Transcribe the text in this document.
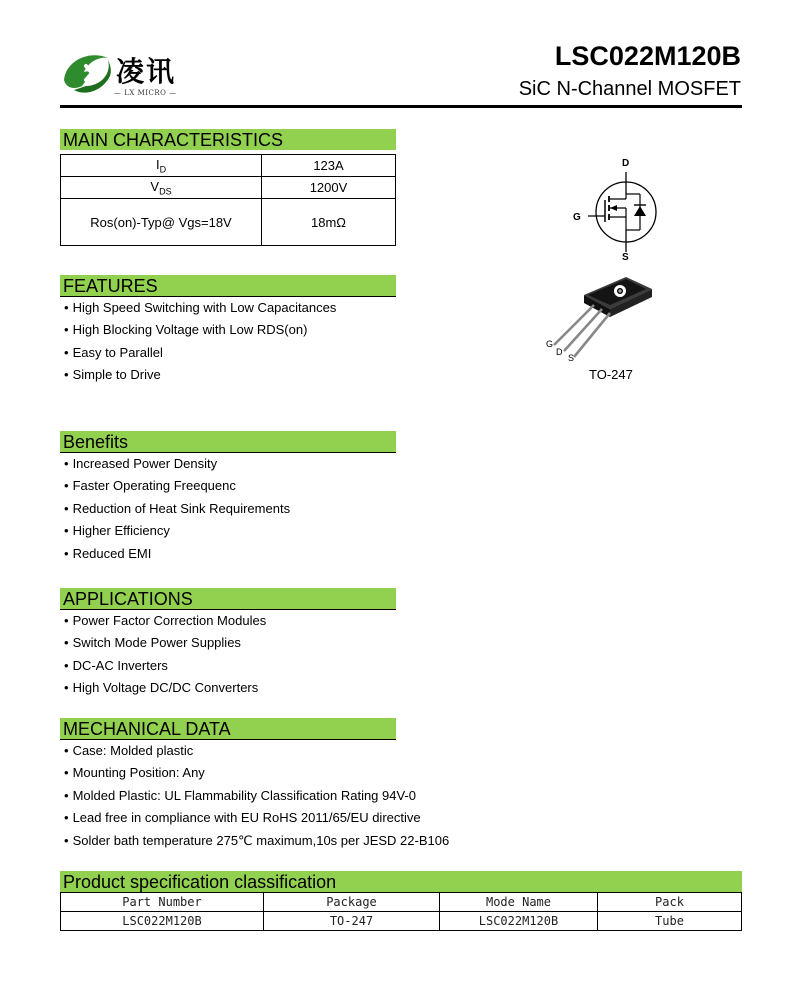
凌讯
— LX MICRO —
LSC022M120B
SiC N-Channel MOSFET
MAIN CHARACTERISTICS
$I_D$	123A
$V_{DS}$	1200V
Ros(on)-Typ@ Vgs=18V	18mΩ
FEATURES
• High Speed Switching with Low Capacitances
• High Blocking Voltage with Low RDS(on)
• Easy to Parallel
• Simple to Drive
Benefits
• Increased Power Density
• Faster Operating Freequenc
• Reduction of Heat Sink Requirements
• Higher Efficiency
• Reduced EMI
APPLICATIONS
• Power Factor Correction Modules
• Switch Mode Power Supplies
• DC-AC Inverters
• High Voltage DC/DC Converters
MECHANICAL DATA
• Case: Molded plastic
• Mounting Position: Any
• Molded Plastic: UL Flammability Classification Rating 94V-0
• Lead free in compliance with EU RoHS 2011/65/EU directive
• Solder bath temperature 275℃ maximum,10s per JESD 22-B106
D
G
S
G
D
S
TO-247
Product specification classification
Part Number	Package	Mode Name	Pack
LSC022M120B	TO-247	LSC022M120B	Tube
